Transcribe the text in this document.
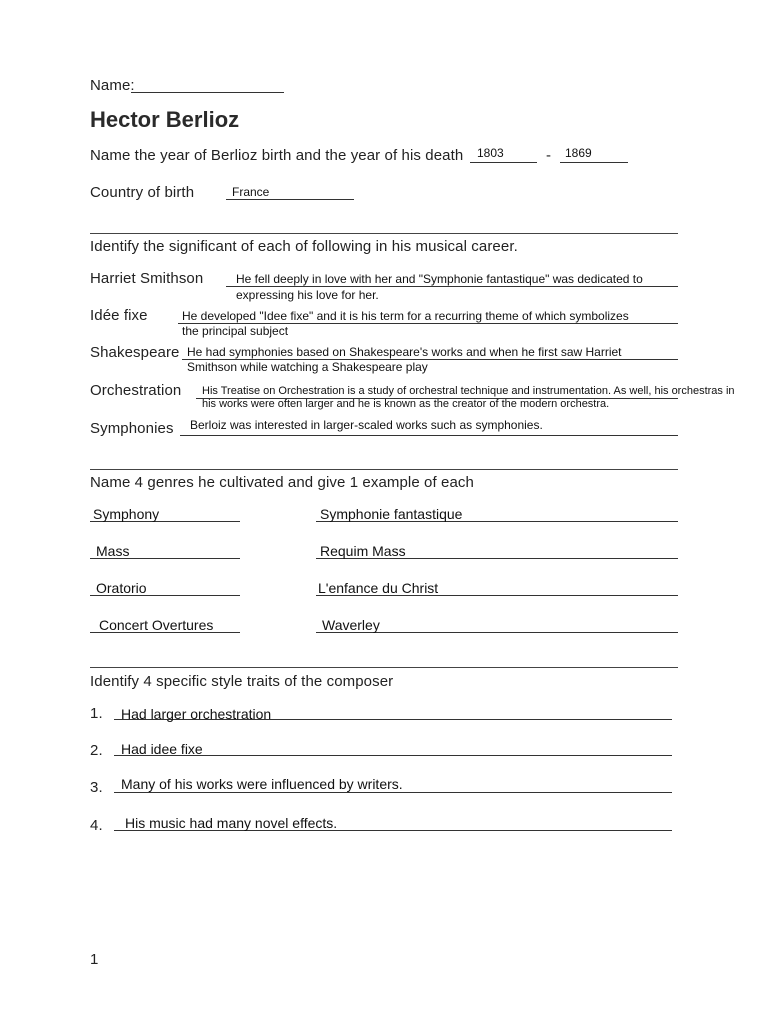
Name:
Hector Berlioz
Name the year of Berlioz birth and the year of his death 1803	- 1869
Country of birth	France
Identify the significant of each of following in his musical career.
Harriet Smithson	He fell deeply in love with her and "Symphonie fantastique" was dedicated to
expressing his love for her.
Idée fixe	He developed "Idee fixe" and it is his term for a recurring theme of which symbolizes
the principal subject
Shakespeare He had symphonies based on Shakespeare's works and when he first saw Harriet
Smithson while watching a Shakespeare play
Orchestration His Treatise on Orchestration is a study of orchestral technique and instrumentation. As well, his orchestras in
his works were often larger and he is known as the creator of the modern orchestra.
Symphonies Berloiz was interested in larger-scaled works such as symphonies.
Name 4 genres he cultivated and give 1 example of each
Symphony	Symphonie fantastique
Mass	Requim Mass
Oratorio	L'enfance du Christ
Concert Overtures	Waverley
Identify 4 specific style traits of the composer
1. Had larger orchestration
2. Had idee fixe
3. Many of his works were influenced by writers.
4. His music had many novel effects.
1
